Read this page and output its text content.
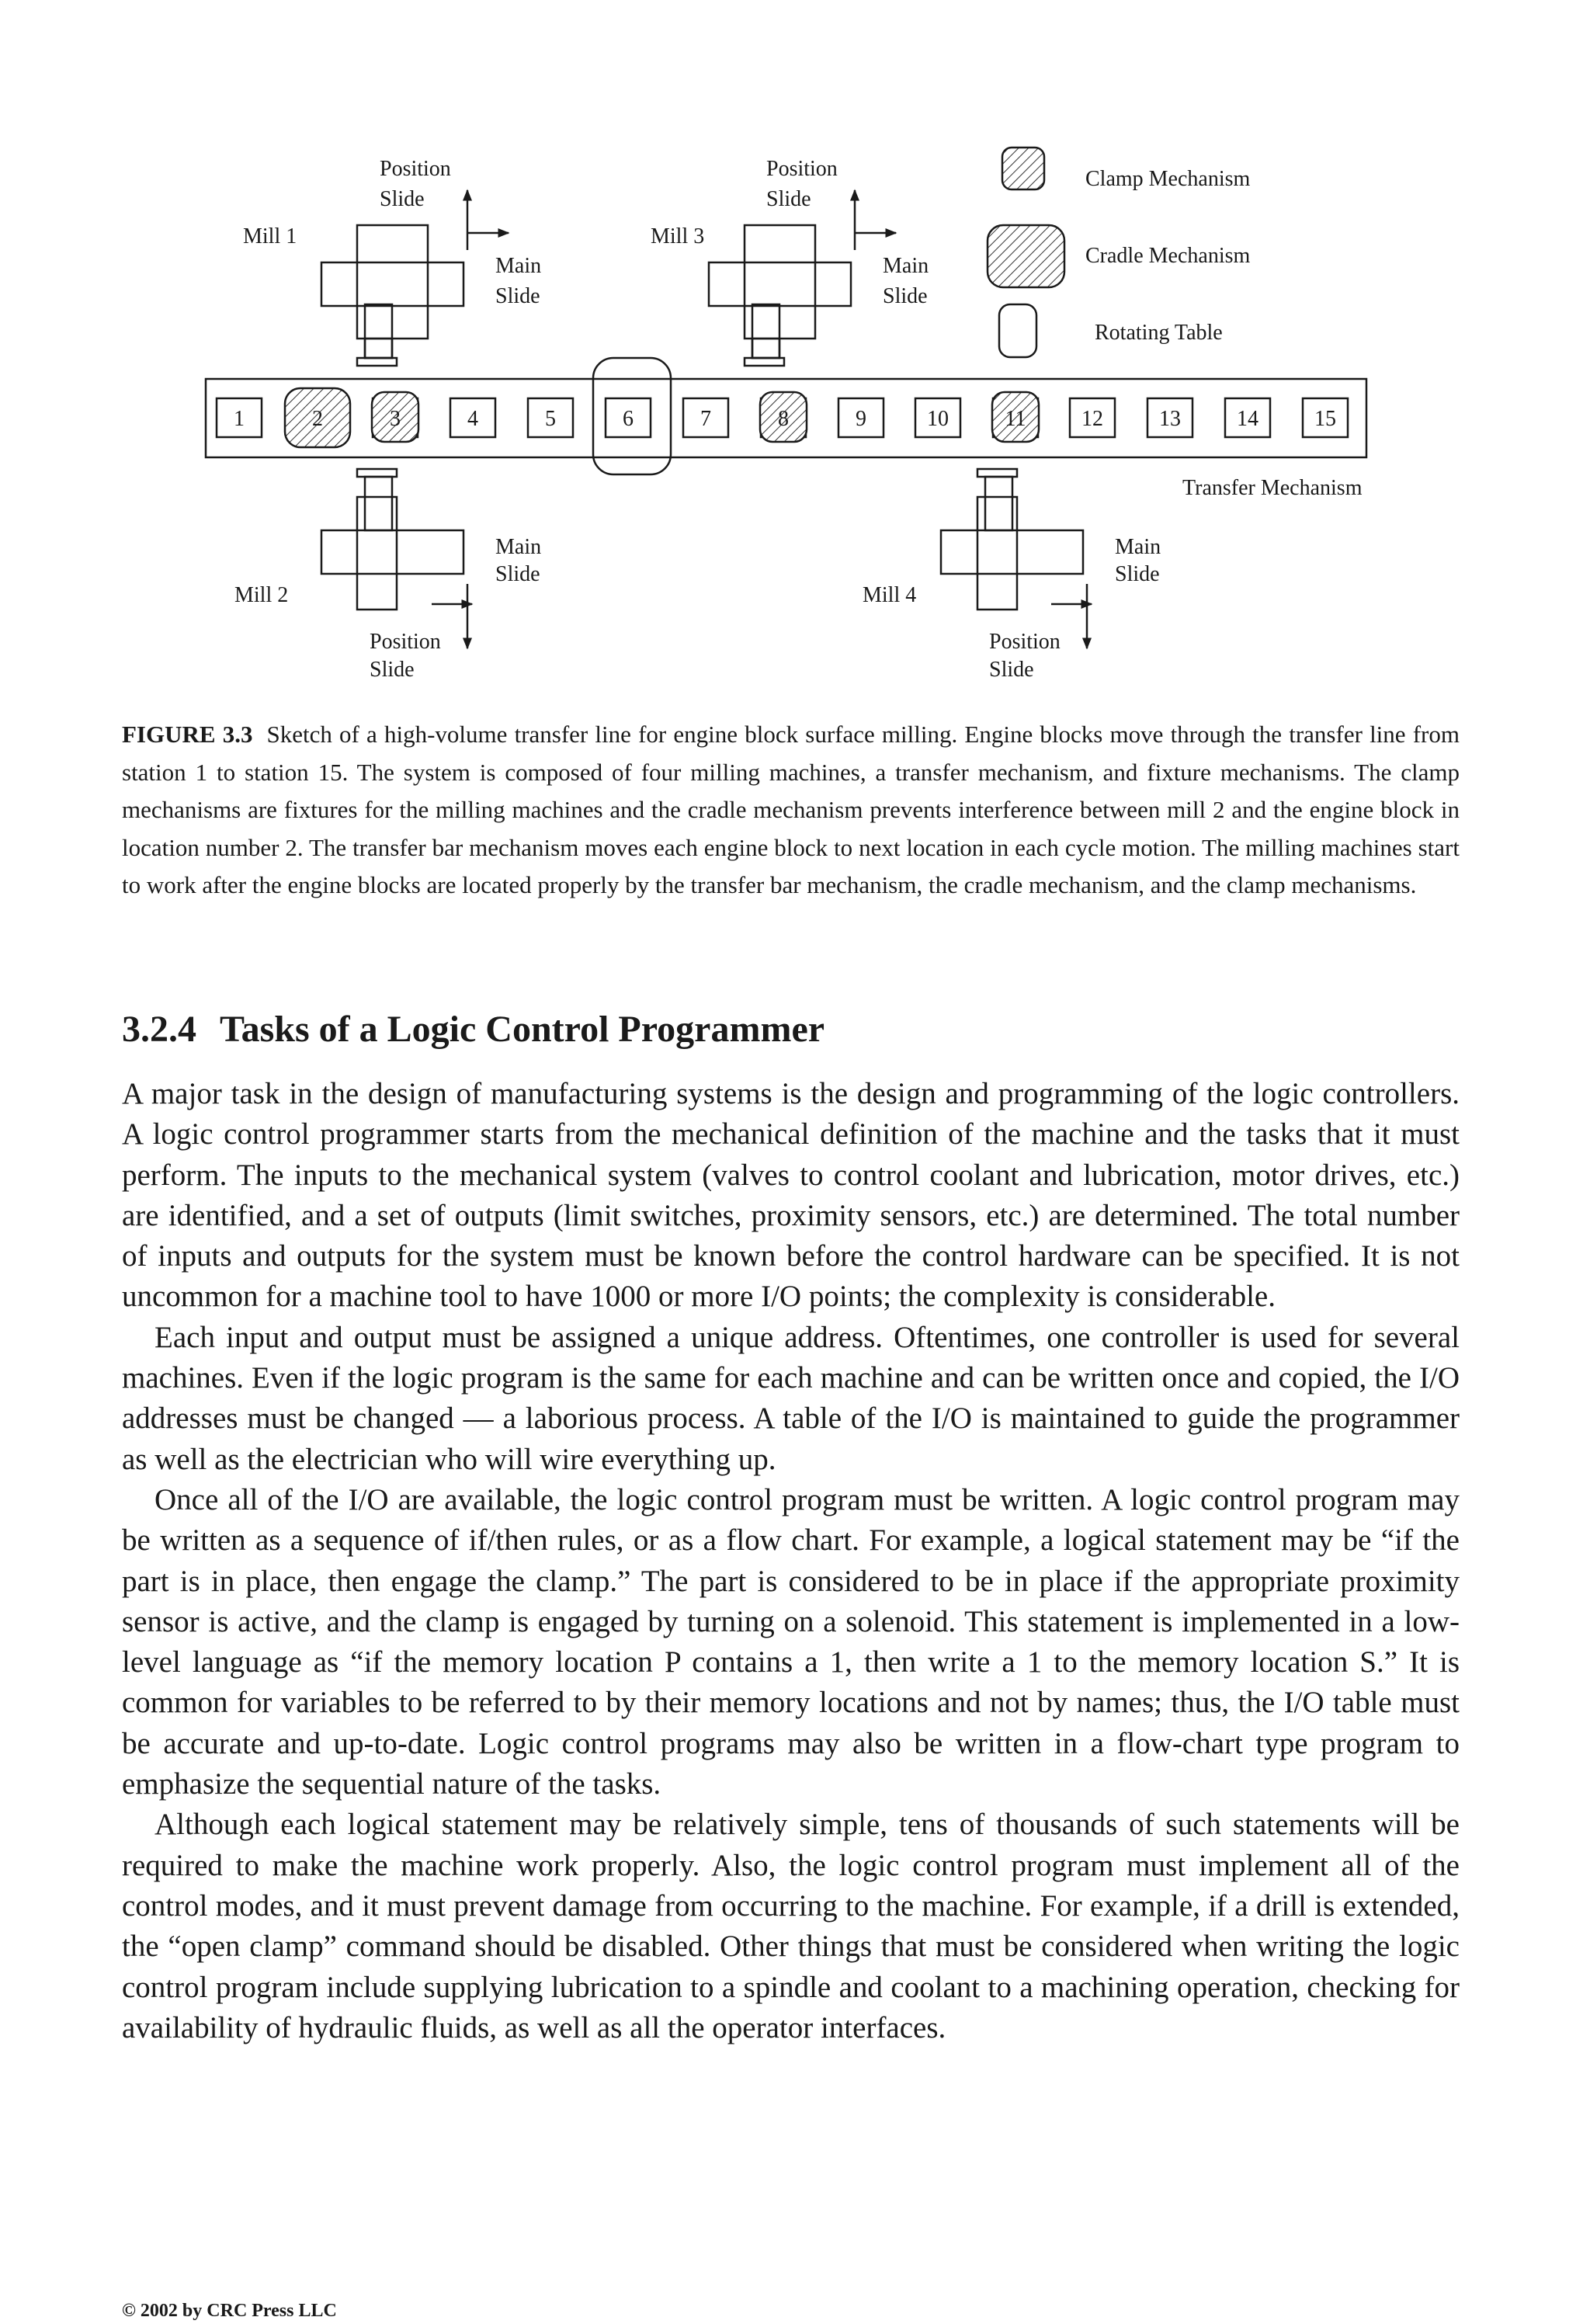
1	2	3	4	5	6	7	8	9	10	11	12	13	14	15
Mill 1	Mill 3
Mill 2	Mill 4
Position
Slide
Main
Slide
Position
Slide
Main
Slide
Main
Slide
Position
Slide
Main
Slide
Position
Slide
Transfer Mechanism
Clamp Mechanism
Cradle Mechanism
Rotating Table

FIGURE 3.3 Sketch of a high-volume transfer line for engine block surface milling. Engine blocks move through the transfer line from station 1 to station 15. The system is composed of four milling machines, a transfer mechanism, and fixture mechanisms. The clamp mechanisms are fixtures for the milling machines and the cradle mechanism prevents interference between mill 2 and the engine block in location number 2. The transfer bar mechanism moves each engine block to next location in each cycle motion. The milling machines start to work after the engine blocks are located properly by the transfer bar mechanism, the cradle mechanism, and the clamp mechanisms.

3.2.4 Tasks of a Logic Control Programmer

A major task in the design of manufacturing systems is the design and programming of the logic controllers. A logic control programmer starts from the mechanical definition of the machine and the tasks that it must perform. The inputs to the mechanical system (valves to control coolant and lubrication, motor drives, etc.) are identified, and a set of outputs (limit switches, proximity sensors, etc.) are determined. The total number of inputs and outputs for the system must be known before the control hardware can be specified. It is not uncommon for a machine tool to have 1000 or more I/O points; the complexity is considerable.

Each input and output must be assigned a unique address. Oftentimes, one controller is used for several machines. Even if the logic program is the same for each machine and can be written once and copied, the I/O addresses must be changed — a laborious process. A table of the I/O is maintained to guide the programmer as well as the electrician who will wire everything up.

Once all of the I/O are available, the logic control program must be written. A logic control program may be written as a sequence of if/then rules, or as a flow chart. For example, a logical statement may be “if the part is in place, then engage the clamp.” The part is considered to be in place if the appropriate proximity sensor is active, and the clamp is engaged by turning on a solenoid. This statement is implemented in a low-level language as “if the memory location P contains a 1, then write a 1 to the memory location S.” It is common for variables to be referred to by their memory locations and not by names; thus, the I/O table must be accurate and up-to-date. Logic control programs may also be written in a flow-chart type program to emphasize the sequential nature of the tasks.

Although each logical statement may be relatively simple, tens of thousands of such statements will be required to make the machine work properly. Also, the logic control program must implement all of the control modes, and it must prevent damage from occurring to the machine. For example, if a drill is extended, the “open clamp” command should be disabled. Other things that must be considered when writing the logic control program include supplying lubrication to a spindle and coolant to a machining operation, checking for availability of hydraulic fluids, as well as all the operator interfaces.

© 2002 by CRC Press LLC
